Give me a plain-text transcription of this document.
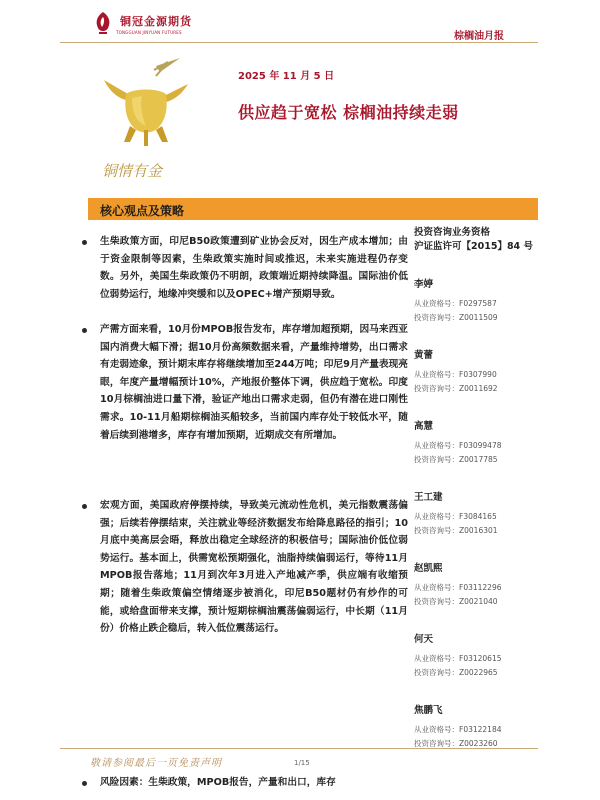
铜冠金源期货
TONGGUAN JINYUAN FUTURES	棕榈油月报
铜情有金
2025 年 11 月 5 日
供应趋于宽松 棕榈油持续走弱
核心观点及策略
生柴政策方面，印尼B50政策遭到矿业协会反对，因生产成本增加；由于资金限制等因素，生柴政策实施时间或推迟，未来实施进程仍存变数。另外，美国生柴政策仍不明朗，政策端近期持续降温。国际油价低位弱势运行，地缘冲突缓和以及OPEC+增产预期导致。
产需方面来看，10月份MPOB报告发布，库存增加超预期，因马来西亚国内消费大幅下滑；据10月份高频数据来看，产量维持增势，出口需求有走弱迹象，预计期末库存将继续增加至244万吨；印尼9月产量表现亮眼，年度产量增幅预计10%，产地报价整体下调，供应趋于宽松。印度10月棕榈油进口量下滑，验证产地出口需求走弱，但仍有潜在进口刚性需求。10-11月船期棕榈油买船较多，当前国内库存处于较低水平，随着后续到港增多，库存有增加预期，近期成交有所增加。
宏观方面，美国政府停摆持续，导致美元流动性危机，美元指数震荡偏强；后续若停摆结束，关注就业等经济数据发布给降息路径的指引；10月底中美高层会晤，释放出稳定全球经济的积极信号；国际油价低位弱势运行。基本面上，供需宽松预期强化，油脂持续偏弱运行，等待11月MPOB报告落地；11月到次年3月进入产地减产季，供应端有收缩预期；随着生柴政策偏空情绪逐步被消化，印尼B50题材仍有炒作的可能，或给盘面带来支撑，预计短期棕榈油震荡偏弱运行，中长期（11月份）价格止跌企稳后，转入低位震荡运行。
风险因素：生柴政策，MPOB报告，产量和出口，库存
投资咨询业务资格
沪证监许可【2015】84 号
李婷
从业资格号：F0297587
投资咨询号：Z0011509
黄蕾
从业资格号：F0307990
投资咨询号：Z0011692
高慧
从业资格号：F03099478
投资咨询号：Z0017785
王工建
从业资格号：F3084165
投资咨询号：Z0016301
赵凯熙
从业资格号：F03112296
投资咨询号：Z0021040
何天
从业资格号：F03120615
投资咨询号：Z0022965
焦鹏飞
从业资格号：F03122184
投资咨询号：Z0023260
敬请参阅最后一页免责声明	1/15
